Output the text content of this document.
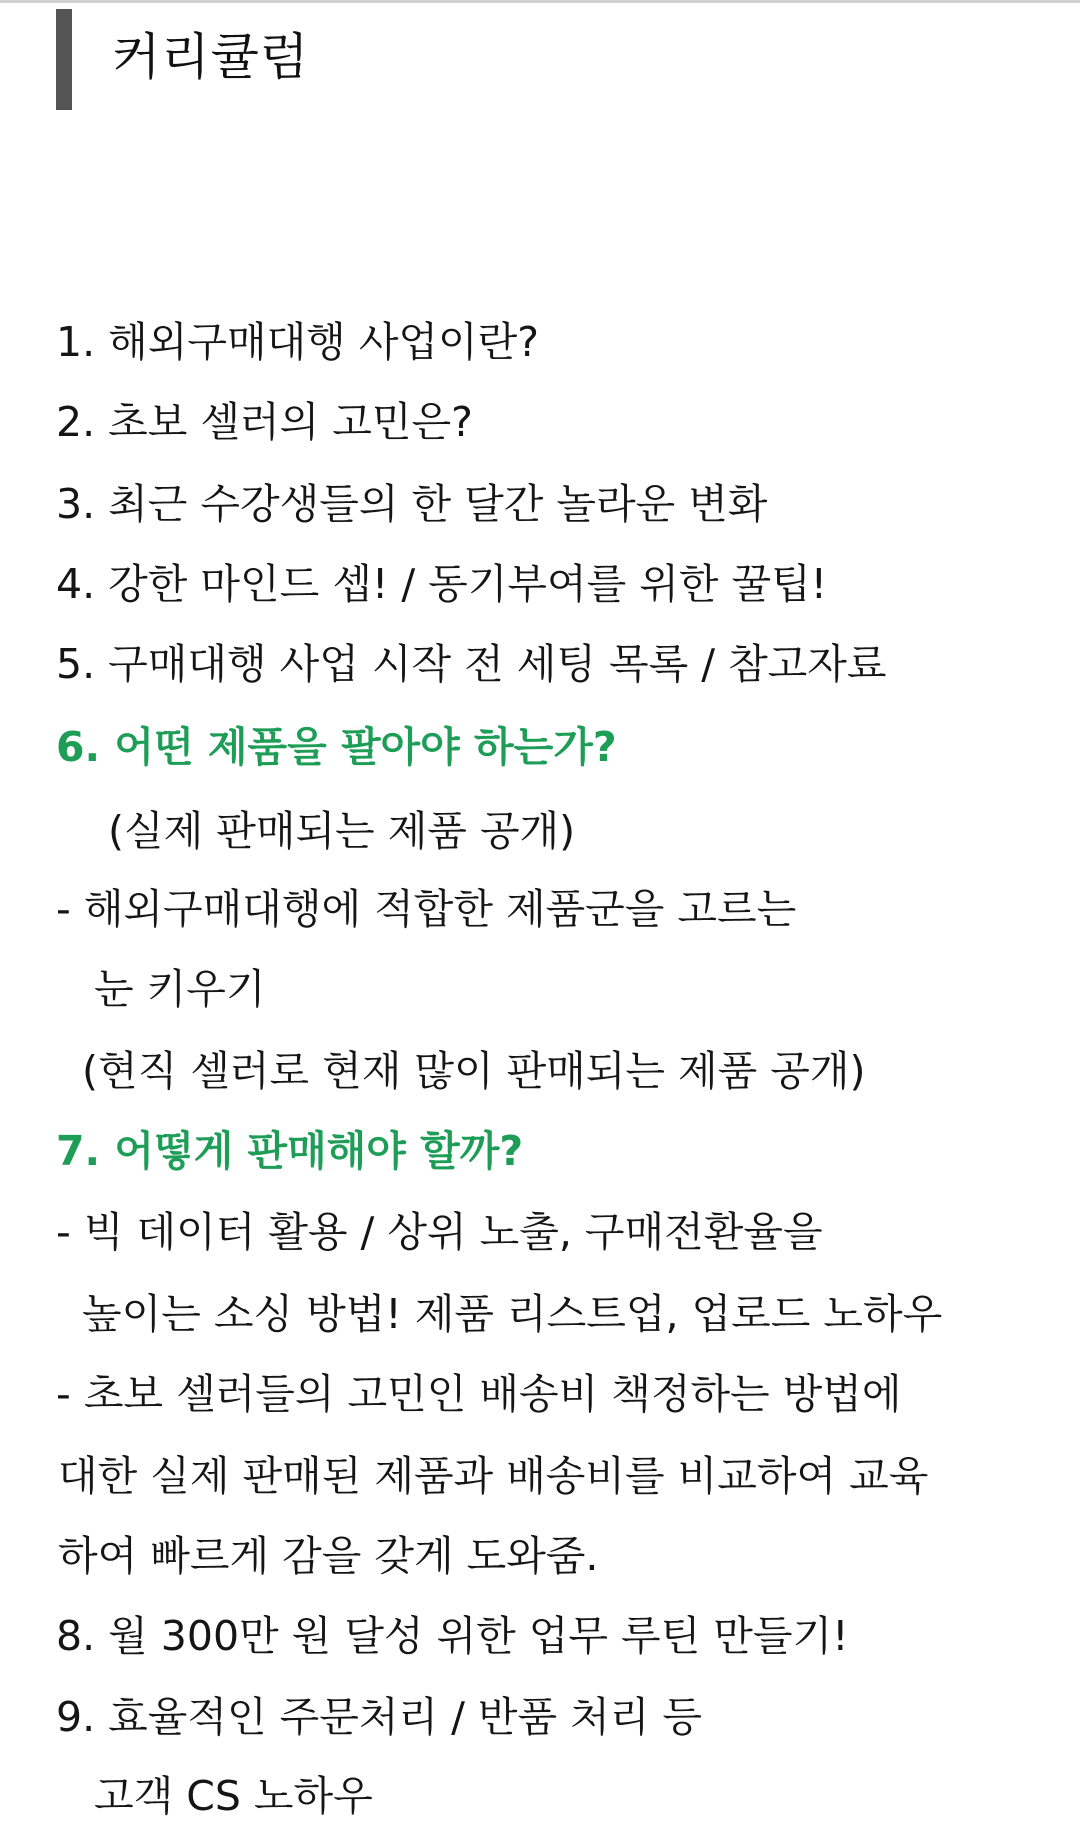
커리큘럼
1. 해외구매대행 사업이란?
2. 초보 셀러의 고민은?
3. 최근 수강생들의 한 달간 놀라운 변화
4. 강한 마인드 셉! / 동기부여를 위한 꿀팁!
5. 구매대행 사업 시작 전 세팅 목록 / 참고자료
6. 어떤 제품을 팔아야 하는가?
(실제 판매되는 제품 공개)
- 해외구매대행에 적합한 제품군을 고르는
눈 키우기
(현직 셀러로 현재 많이 판매되는 제품 공개)
7. 어떻게 판매해야 할까?
- 빅 데이터 활용 / 상위 노출, 구매전환율을
높이는 소싱 방법! 제품 리스트업, 업로드 노하우
- 초보 셀러들의 고민인 배송비 책정하는 방법에
대한 실제 판매된 제품과 배송비를 비교하여 교육
하여 빠르게 감을 갖게 도와줌.
8. 월 300만 원 달성 위한 업무 루틴 만들기!
9. 효율적인 주문처리 / 반품 처리 등
고객 CS 노하우
